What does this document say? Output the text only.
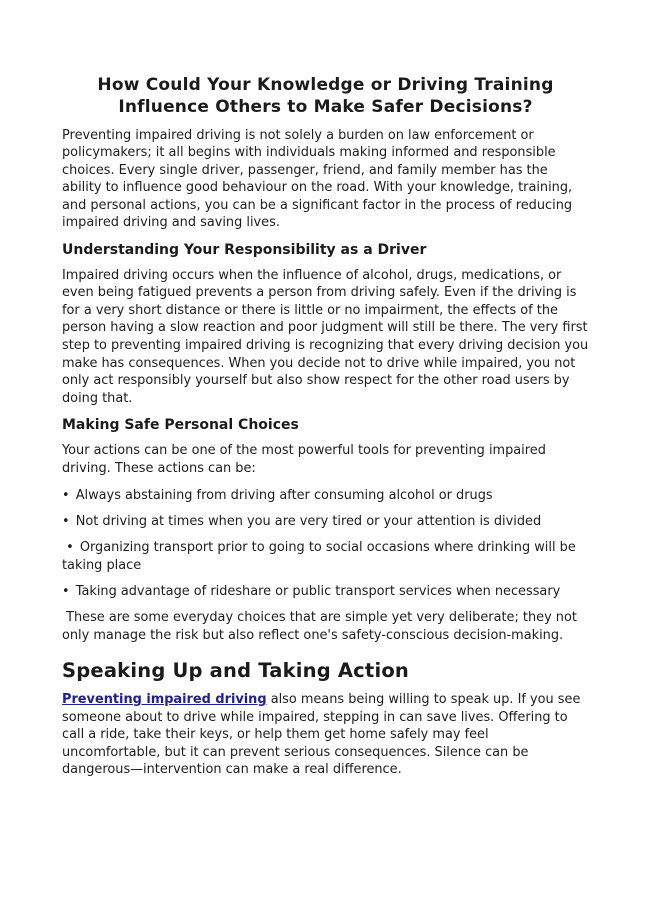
How Could Your Knowledge or Driving Training Influence Others to Make Safer Decisions?

Preventing impaired driving is not solely a burden on law enforcement or policymakers; it all begins with individuals making informed and responsible choices. Every single driver, passenger, friend, and family member has the ability to influence good behaviour on the road. With your knowledge, training, and personal actions, you can be a significant factor in the process of reducing impaired driving and saving lives.

Understanding Your Responsibility as a Driver

Impaired driving occurs when the influence of alcohol, drugs, medications, or even being fatigued prevents a person from driving safely. Even if the driving is for a very short distance or there is little or no impairment, the effects of the person having a slow reaction and poor judgment will still be there. The very first step to preventing impaired driving is recognizing that every driving decision you make has consequences. When you decide not to drive while impaired, you not only act responsibly yourself but also show respect for the other road users by doing that.

Making Safe Personal Choices

Your actions can be one of the most powerful tools for preventing impaired driving. These actions can be:

• Always abstaining from driving after consuming alcohol or drugs

• Not driving at times when you are very tired or your attention is divided

• Organizing transport prior to going to social occasions where drinking will be taking place

• Taking advantage of rideshare or public transport services when necessary

These are some everyday choices that are simple yet very deliberate; they not only manage the risk but also reflect one's safety-conscious decision-making.

Speaking Up and Taking Action

Preventing impaired driving also means being willing to speak up. If you see someone about to drive while impaired, stepping in can save lives. Offering to call a ride, take their keys, or help them get home safely may feel uncomfortable, but it can prevent serious consequences. Silence can be dangerous—intervention can make a real difference.
